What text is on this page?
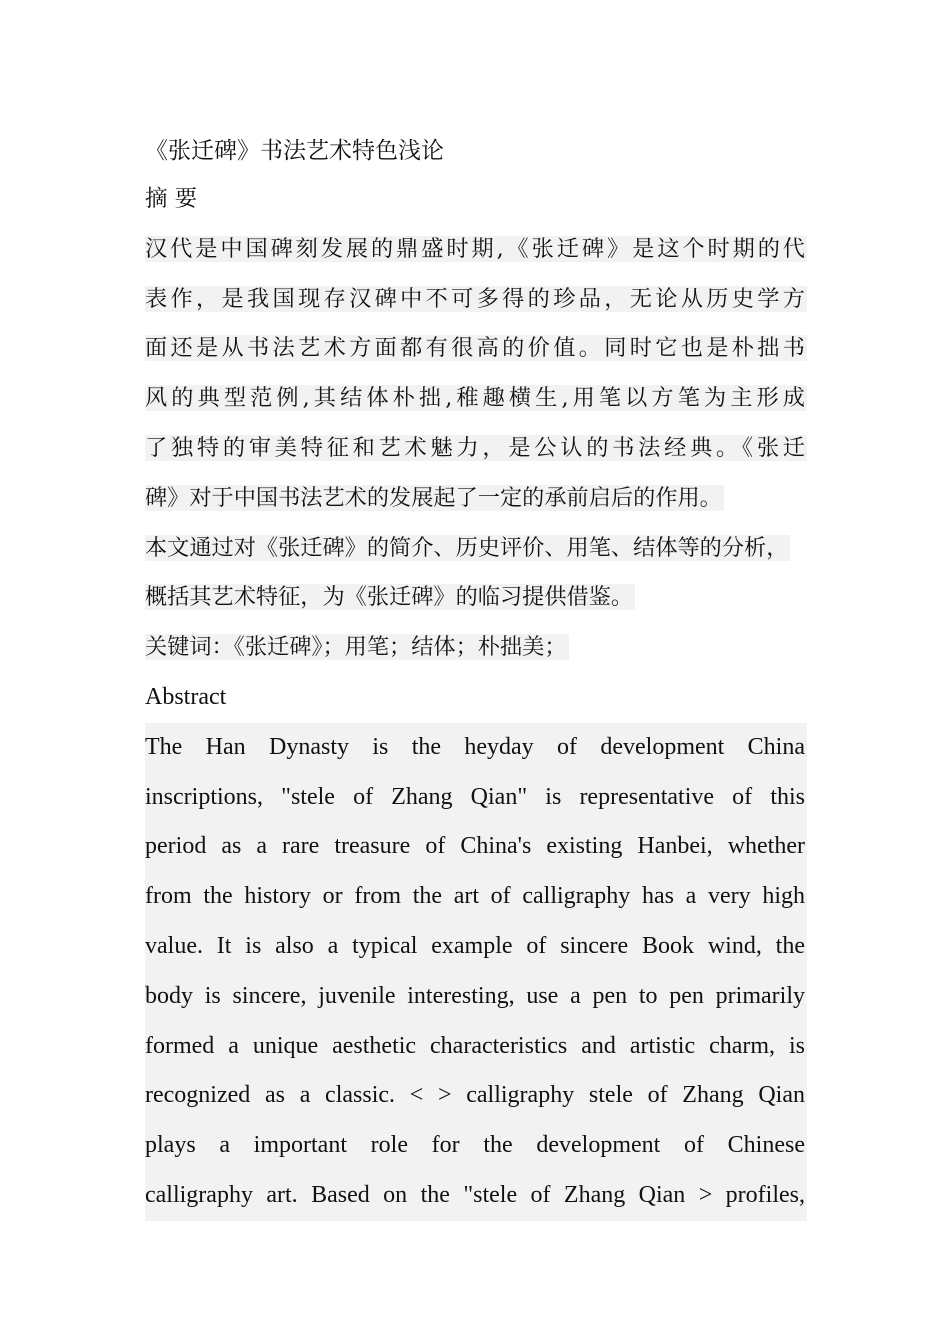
《张迁碑》书法艺术特色浅论

摘 要

汉代是中国碑刻发展的鼎盛时期,《张迁碑》是这个时期的代
表作，是我国现存汉碑中不可多得的珍品，无论从历史学方
面还是从书法艺术方面都有很高的价值。同时它也是朴拙书
风的典型范例,其结体朴拙,稚趣横生,用笔以方笔为主形成
了独特的审美特征和艺术魅力，是公认的书法经典。《张迁
碑》对于中国书法艺术的发展起了一定的承前启后的作用。
本文通过对《张迁碑》的简介、历史评价、用笔、结体等的分析，
概括其艺术特征，为《张迁碑》的临习提供借鉴。
关键词：《张迁碑》；用笔；结体；朴拙美；

Abstract

The Han Dynasty is the heyday of development China
inscriptions, "stele of Zhang Qian" is representative of this
period as a rare treasure of China's existing Hanbei, whether
from the history or from the art of calligraphy has a very high
value. It is also a typical example of sincere Book wind, the
body is sincere, juvenile interesting, use a pen to pen primarily
formed a unique aesthetic characteristics and artistic charm, is
recognized as a classic. < > calligraphy stele of Zhang Qian
plays a important role for the development of Chinese
calligraphy art. Based on the "stele of Zhang Qian > profiles,
